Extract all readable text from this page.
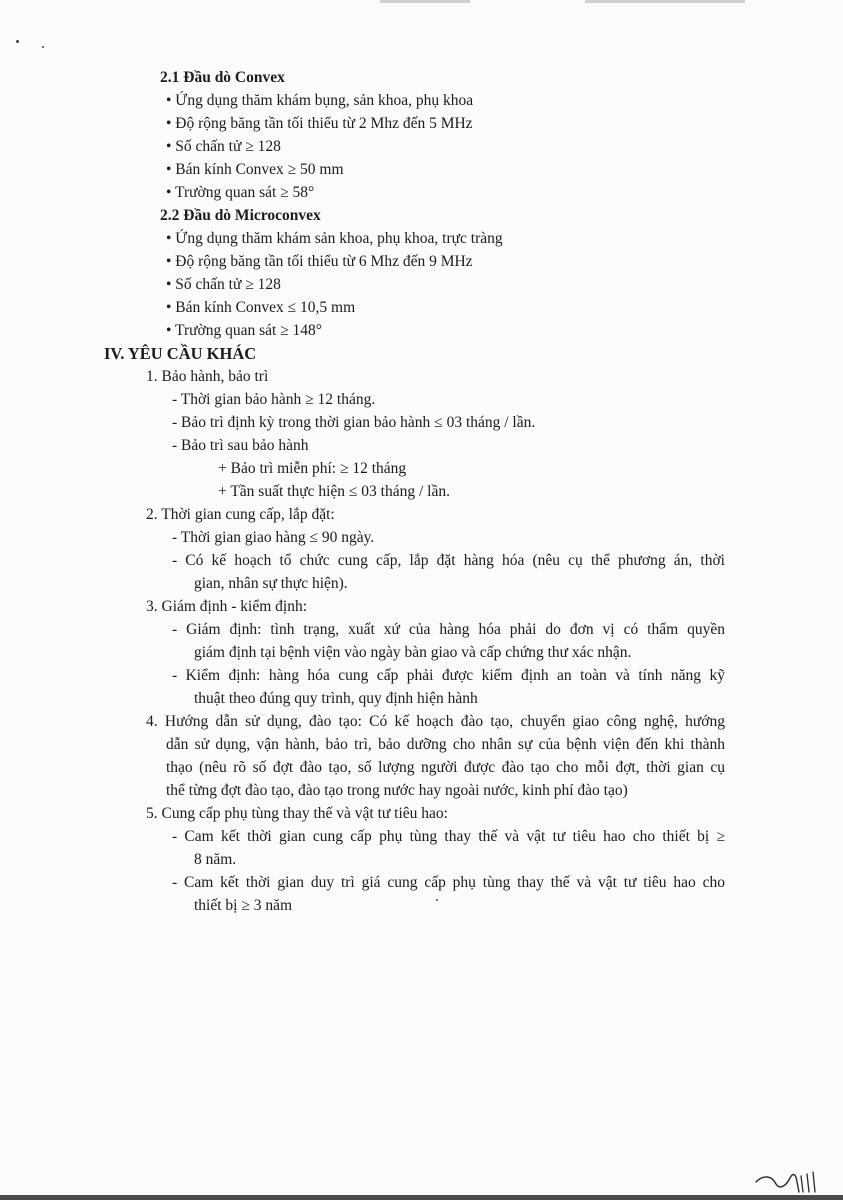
2.1 Đầu dò Convex
• Ứng dụng thăm khám bụng, sản khoa, phụ khoa
• Độ rộng băng tần tối thiểu từ 2 Mhz đến 5 MHz
• Số chấn tử ≥ 128
• Bán kính Convex ≥ 50 mm
• Trường quan sát ≥ 58°
2.2 Đầu dò Microconvex
• Ứng dụng thăm khám sản khoa, phụ khoa, trực tràng
• Độ rộng băng tần tối thiểu từ 6 Mhz đến 9 MHz
• Số chấn tử ≥ 128
• Bán kính Convex ≤ 10,5 mm
• Trường quan sát ≥ 148°
IV. YÊU CẦU KHÁC
1. Bảo hành, bảo trì
- Thời gian bảo hành ≥ 12 tháng.
- Bảo trì định kỳ trong thời gian bảo hành ≤ 03 tháng / lần.
- Bảo trì sau bảo hành
+ Bảo trì miễn phí: ≥ 12 tháng
+ Tần suất thực hiện ≤ 03 tháng / lần.
2. Thời gian cung cấp, lắp đặt:
- Thời gian giao hàng ≤ 90 ngày.
- Có kế hoạch tổ chức cung cấp, lắp đặt hàng hóa (nêu cụ thể phương án, thời
gian, nhân sự thực hiện).
3. Giám định - kiểm định:
- Giám định: tình trạng, xuất xứ của hàng hóa phải do đơn vị có thẩm quyền
giám định tại bệnh viện vào ngày bàn giao và cấp chứng thư xác nhận.
- Kiểm định: hàng hóa cung cấp phải được kiểm định an toàn và tính năng kỹ
thuật theo đúng quy trình, quy định hiện hành
4. Hướng dẫn sử dụng, đào tạo: Có kế hoạch đào tạo, chuyển giao công nghệ, hướng
dẫn sử dụng, vận hành, bảo trì, bảo dưỡng cho nhân sự của bệnh viện đến khi thành
thạo (nêu rõ số đợt đào tạo, số lượng người được đào tạo cho mỗi đợt, thời gian cụ
thể từng đợt đào tạo, đào tạo trong nước hay ngoài nước, kinh phí đào tạo)
5. Cung cấp phụ tùng thay thế và vật tư tiêu hao:
- Cam kết thời gian cung cấp phụ tùng thay thế và vật tư tiêu hao cho thiết bị ≥
8 năm.
- Cam kết thời gian duy trì giá cung cấp phụ tùng thay thế và vật tư tiêu hao cho
thiết bị ≥ 3 năm
